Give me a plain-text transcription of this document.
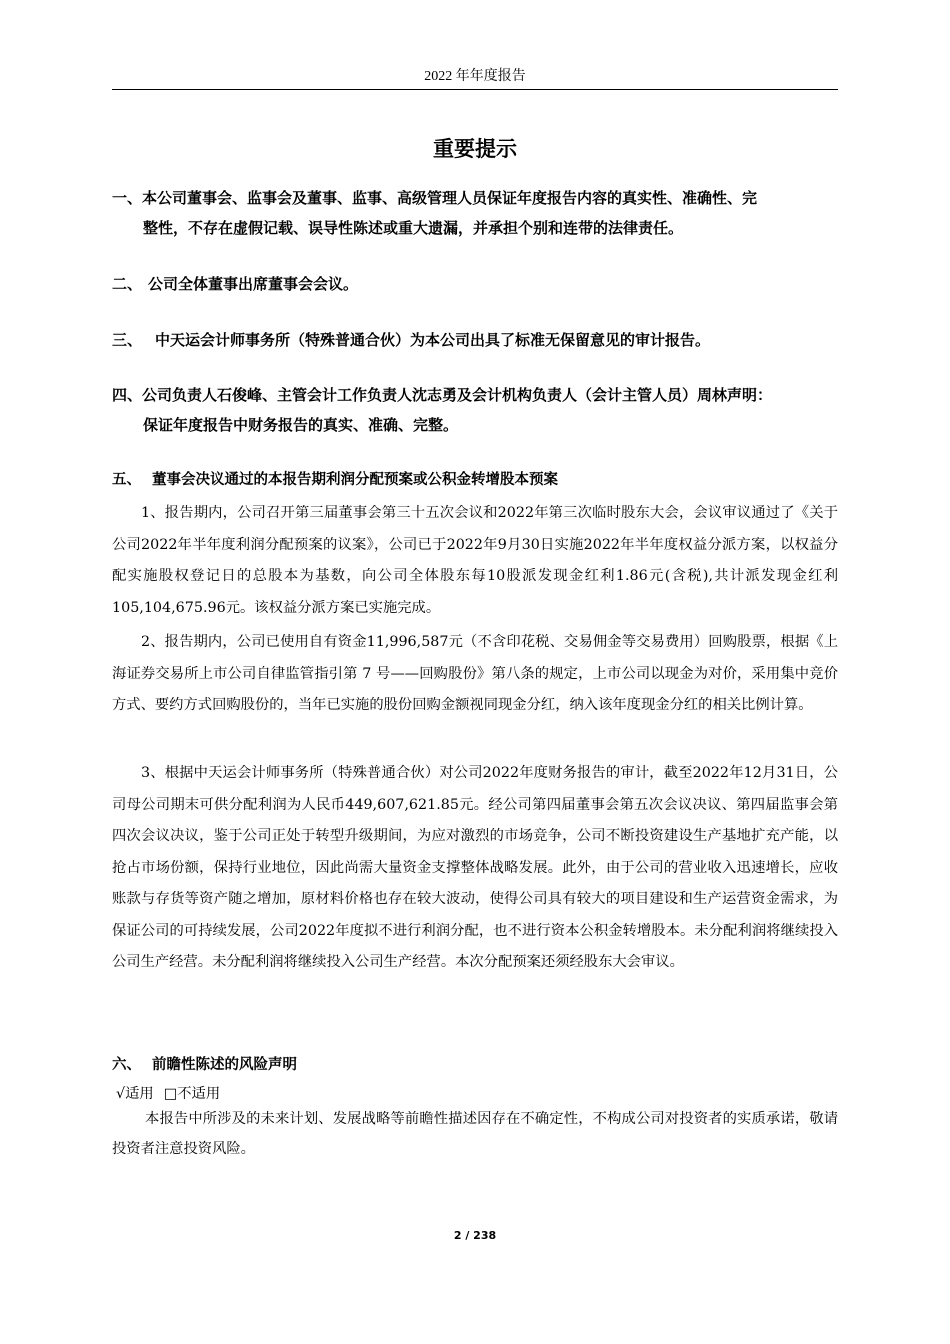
2022 年年度报告
重要提示
一、本公司董事会、监事会及董事、监事、高级管理人员保证年度报告内容的真实性、准确性、完
整性，不存在虚假记载、误导性陈述或重大遗漏，并承担个别和连带的法律责任。
二、 公司全体董事出席董事会会议。
三、 中天运会计师事务所（特殊普通合伙）为本公司出具了标准无保留意见的审计报告。
四、公司负责人石俊峰、主管会计工作负责人沈志勇及会计机构负责人（会计主管人员）周林声明：
保证年度报告中财务报告的真实、准确、完整。
五、 董事会决议通过的本报告期利润分配预案或公积金转增股本预案
1、报告期内，公司召开第三届董事会第三十五次会议和2022年第三次临时股东大会，会议审议通过了《关于公司2022年半年度利润分配预案的议案》，公司已于2022年9月30日实施2022年半年度权益分派方案，以权益分配实施股权登记日的总股本为基数，向公司全体股东每10股派发现金红利1.86元(含税),共计派发现金红利105,104,675.96元。该权益分派方案已实施完成。
2、报告期内，公司已使用自有资金11,996,587元（不含印花税、交易佣金等交易费用）回购股票，根据《上海证券交易所上市公司自律监管指引第 7 号——回购股份》第八条的规定，上市公司以现金为对价，采用集中竞价方式、要约方式回购股份的，当年已实施的股份回购金额视同现金分红，纳入该年度现金分红的相关比例计算。
3、根据中天运会计师事务所（特殊普通合伙）对公司2022年度财务报告的审计，截至2022年12月31日，公司母公司期末可供分配利润为人民币449,607,621.85元。经公司第四届董事会第五次会议决议、第四届监事会第四次会议决议，鉴于公司正处于转型升级期间，为应对激烈的市场竞争，公司不断投资建设生产基地扩充产能，以抢占市场份额，保持行业地位，因此尚需大量资金支撑整体战略发展。此外，由于公司的营业收入迅速增长，应收账款与存货等资产随之增加，原材料价格也存在较大波动，使得公司具有较大的项目建设和生产运营资金需求，为保证公司的可持续发展，公司2022年度拟不进行利润分配，也不进行资本公积金转增股本。未分配利润将继续投入公司生产经营。未分配利润将继续投入公司生产经营。本次分配预案还须经股东大会审议。
六、 前瞻性陈述的风险声明
√适用 □不适用
本报告中所涉及的未来计划、发展战略等前瞻性描述因存在不确定性，不构成公司对投资者的实质承诺，敬请投资者注意投资风险。
2 / 238
